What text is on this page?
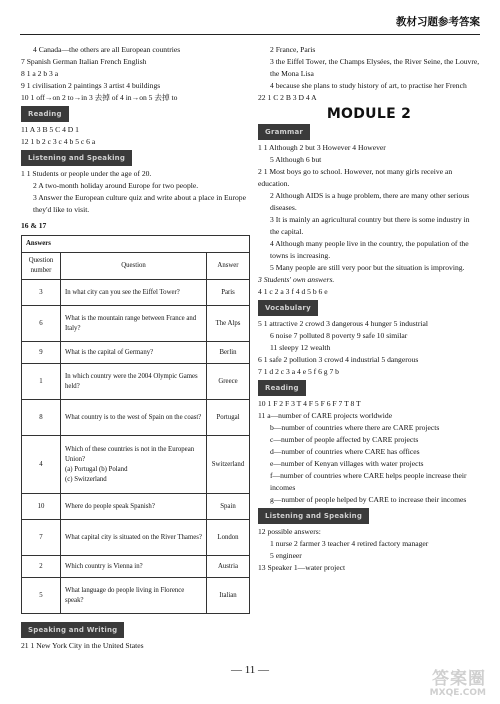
教材习题参考答案

4 Canada—the others are all European countries

7 Spanish German Italian French English

8 1 a 2 b 3 a

9 1 civilisation 2 paintings 3 artist 4 buildings

10 1 off→on 2 to→in 3 去掉 of 4 in→on 5 去掉 to

Reading

11 A 3 B 5 C 4 D 1

12 1 b 2 c 3 c 4 b 5 c 6 a

Listening and Speaking

1 1 Students or people under the age of 20.

2 A two-month holiday around Europe for two people.

3 Answer the European culture quiz and write about a place in Europe they'd like to visit.

16 & 17

Answers		
Question number	Question	Answer
3	In what city can you see the Eiffel Tower?	Paris
6	What is the mountain range between France and Italy?	The Alps
9	What is the capital of Germany?	Berlin
1	In which country were the 2004 Olympic Games held?	Greece
8	What country is to the west of Spain on the coast?	Portugal
4	Which of these countries is not in the European Union?
(a) Portugal (b) Poland
(c) Switzerland	Switzerland
10	Where do people speak Spanish?	Spain
7	What capital city is situated on the River Thames?	London
2	Which country is Vienna in?	Austria
5	What language do people living in Florence speak?	Italian
Speaking and Writing

21 1 New York City in the United States

2 France, Paris

3 the Eiffel Tower, the Champs Elysées, the River Seine, the Louvre, the Mona Lisa

4 because she plans to study history of art, to practise her French

22 1 C 2 B 3 D 4 A

MODULE 2
Grammar

1 1 Although 2 but 3 However 4 However

5 Although 6 but

2 1 Most boys go to school. However, not many girls receive an education.

2 Although AIDS is a huge problem, there are many other serious diseases.

3 It is mainly an agricultural country but there is some industry in the capital.

4 Although many people live in the country, the population of the towns is increasing.

5 Many people are still very poor but the situation is improving.

3 Students' own answers.

4 1 c 2 a 3 f 4 d 5 b 6 e

Vocabulary

5 1 attractive 2 crowd 3 dangerous 4 hunger 5 industrial

6 noise 7 polluted 8 poverty 9 safe 10 similar

11 sleepy 12 wealth

6 1 safe 2 pollution 3 crowd 4 industrial 5 dangerous

7 1 d 2 c 3 a 4 e 5 f 6 g 7 b

Reading

10 1 F 2 F 3 T 4 F 5 F 6 F 7 T 8 T

11 a—number of CARE projects worldwide

b—number of countries where there are CARE projects

c—number of people affected by CARE projects

d—number of countries where CARE has offices

e—number of Kenyan villages with water projects

f—number of countries where CARE helps people increase their incomes

g—number of people helped by CARE to increase their incomes

Listening and Speaking

12 possible answers:

1 nurse 2 farmer 3 teacher 4 retired factory manager

5 engineer

13 Speaker 1—water project

— 11 —	答案圈
MXQE.COM
